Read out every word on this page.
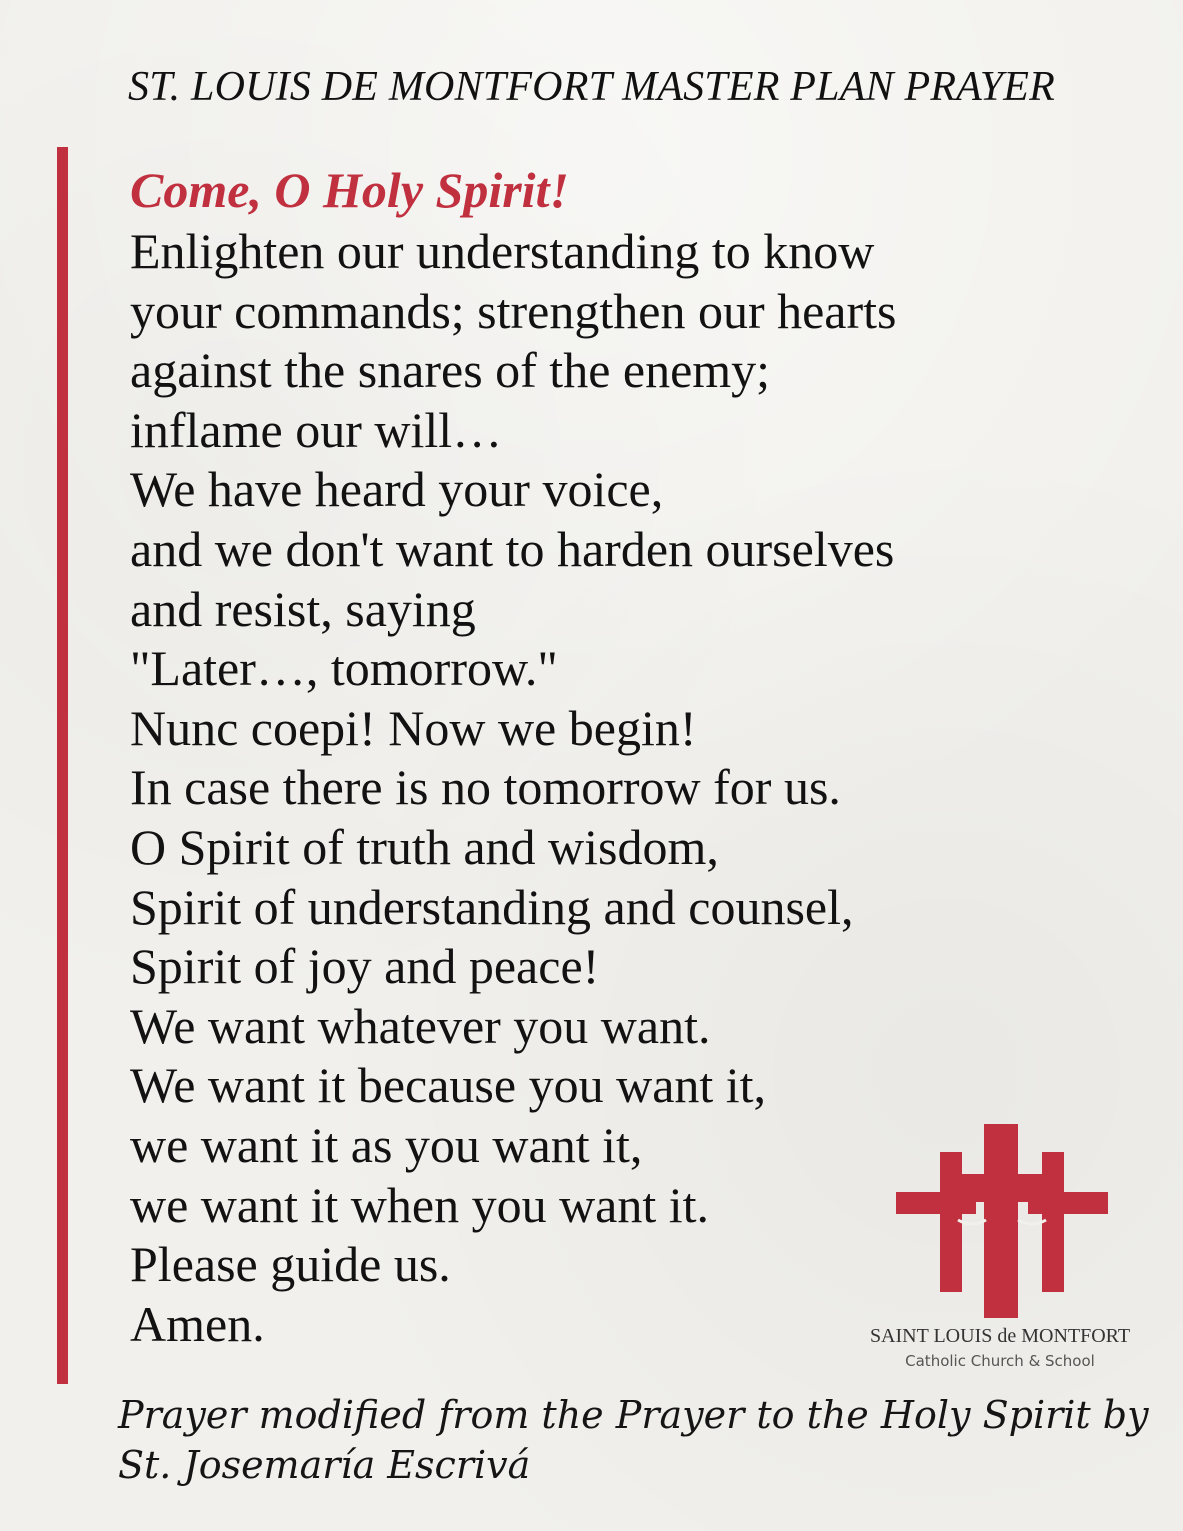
ST. LOUIS DE MONTFORT MASTER PLAN PRAYER
Come, O Holy Spirit!
Enlighten our understanding to know
your commands; strengthen our hearts
against the snares of the enemy;
inflame our will…
We have heard your voice,
and we don't want to harden ourselves
and resist, saying
"Later…, tomorrow."
Nunc coepi! Now we begin!
In case there is no tomorrow for us.
O Spirit of truth and wisdom,
Spirit of understanding and counsel,
Spirit of joy and peace!
We want whatever you want.
We want it because you want it,
we want it as you want it,
we want it when you want it.
Please guide us.
Amen.	SAINT LOUIS de MONTFORT
Catholic Church & School
Prayer modified from the Prayer to the Holy Spirit by
St. Josemaría Escrivá
